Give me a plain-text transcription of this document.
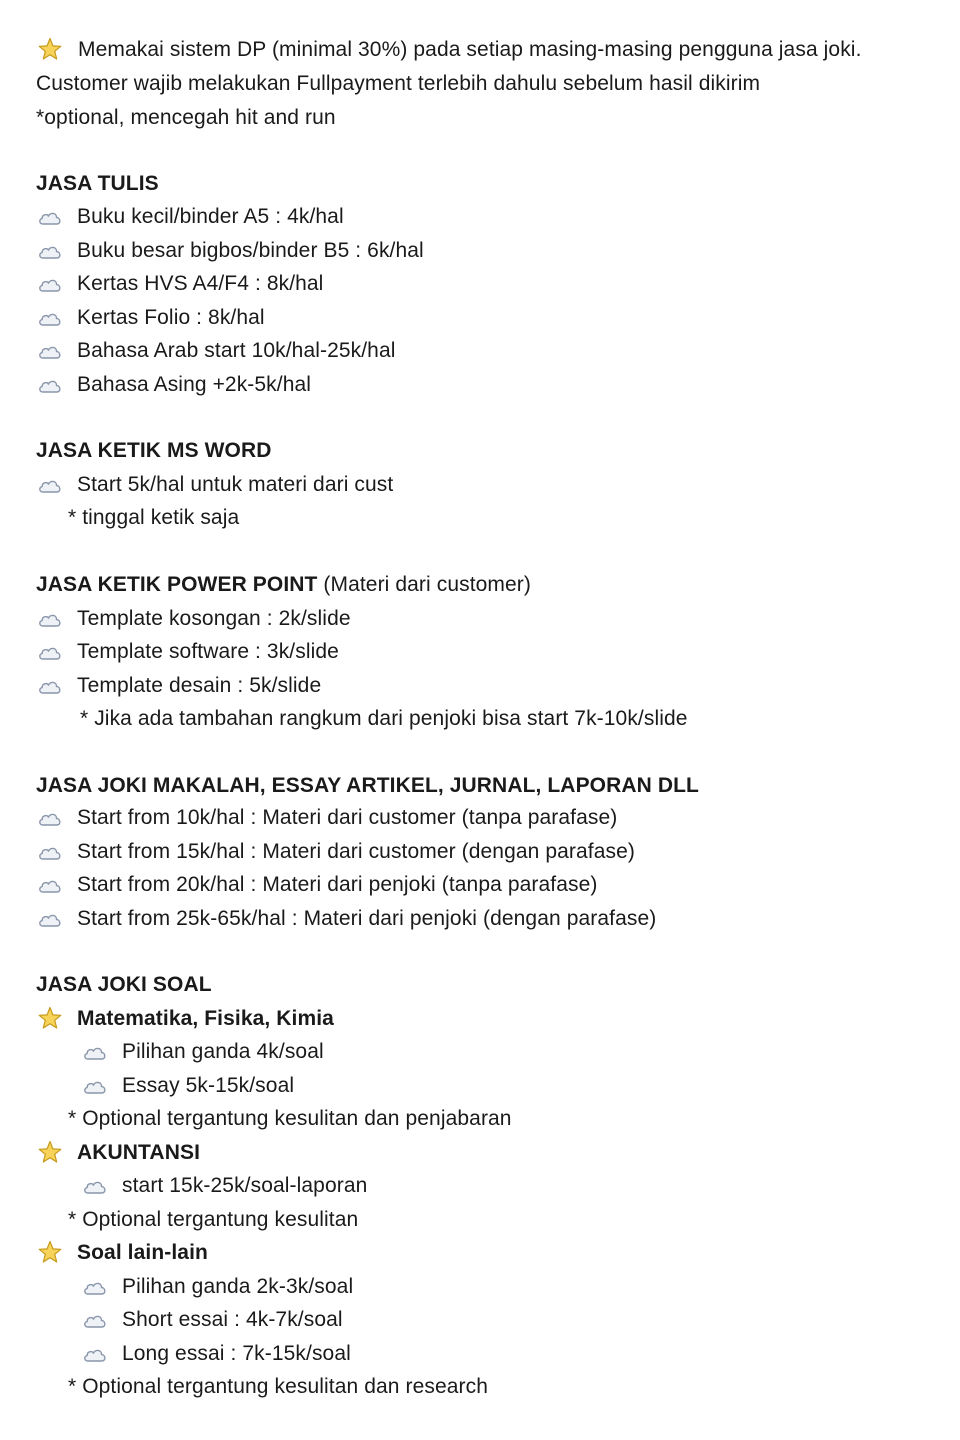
Memakai sistem DP (minimal 30%) pada setiap masing-masing pengguna jasa joki.
Customer wajib melakukan Fullpayment terlebih dahulu sebelum hasil dikirim
*optional, mencegah hit and run
JASA TULIS
Buku kecil/binder A5 : 4k/hal
Buku besar bigbos/binder B5 : 6k/hal
Kertas HVS A4/F4 : 8k/hal
Kertas Folio : 8k/hal
Bahasa Arab start 10k/hal-25k/hal
Bahasa Asing +2k-5k/hal
JASA KETIK MS WORD
Start 5k/hal untuk materi dari cust
* tinggal ketik saja
JASA KETIK POWER POINT (Materi dari customer)
Template kosongan : 2k/slide
Template software : 3k/slide
Template desain : 5k/slide
* Jika ada tambahan rangkum dari penjoki bisa start 7k-10k/slide
JASA JOKI MAKALAH, ESSAY ARTIKEL, JURNAL, LAPORAN DLL
Start from 10k/hal : Materi dari customer (tanpa parafase)
Start from 15k/hal : Materi dari customer (dengan parafase)
Start from 20k/hal : Materi dari penjoki (tanpa parafase)
Start from 25k-65k/hal : Materi dari penjoki (dengan parafase)
JASA JOKI SOAL
Matematika, Fisika, Kimia
Pilihan ganda 4k/soal
Essay 5k-15k/soal
* Optional tergantung kesulitan dan penjabaran
AKUNTANSI
start 15k-25k/soal-laporan
* Optional tergantung kesulitan
Soal lain-lain
Pilihan ganda 2k-3k/soal
Short essai : 4k-7k/soal
Long essai : 7k-15k/soal
* Optional tergantung kesulitan dan research
